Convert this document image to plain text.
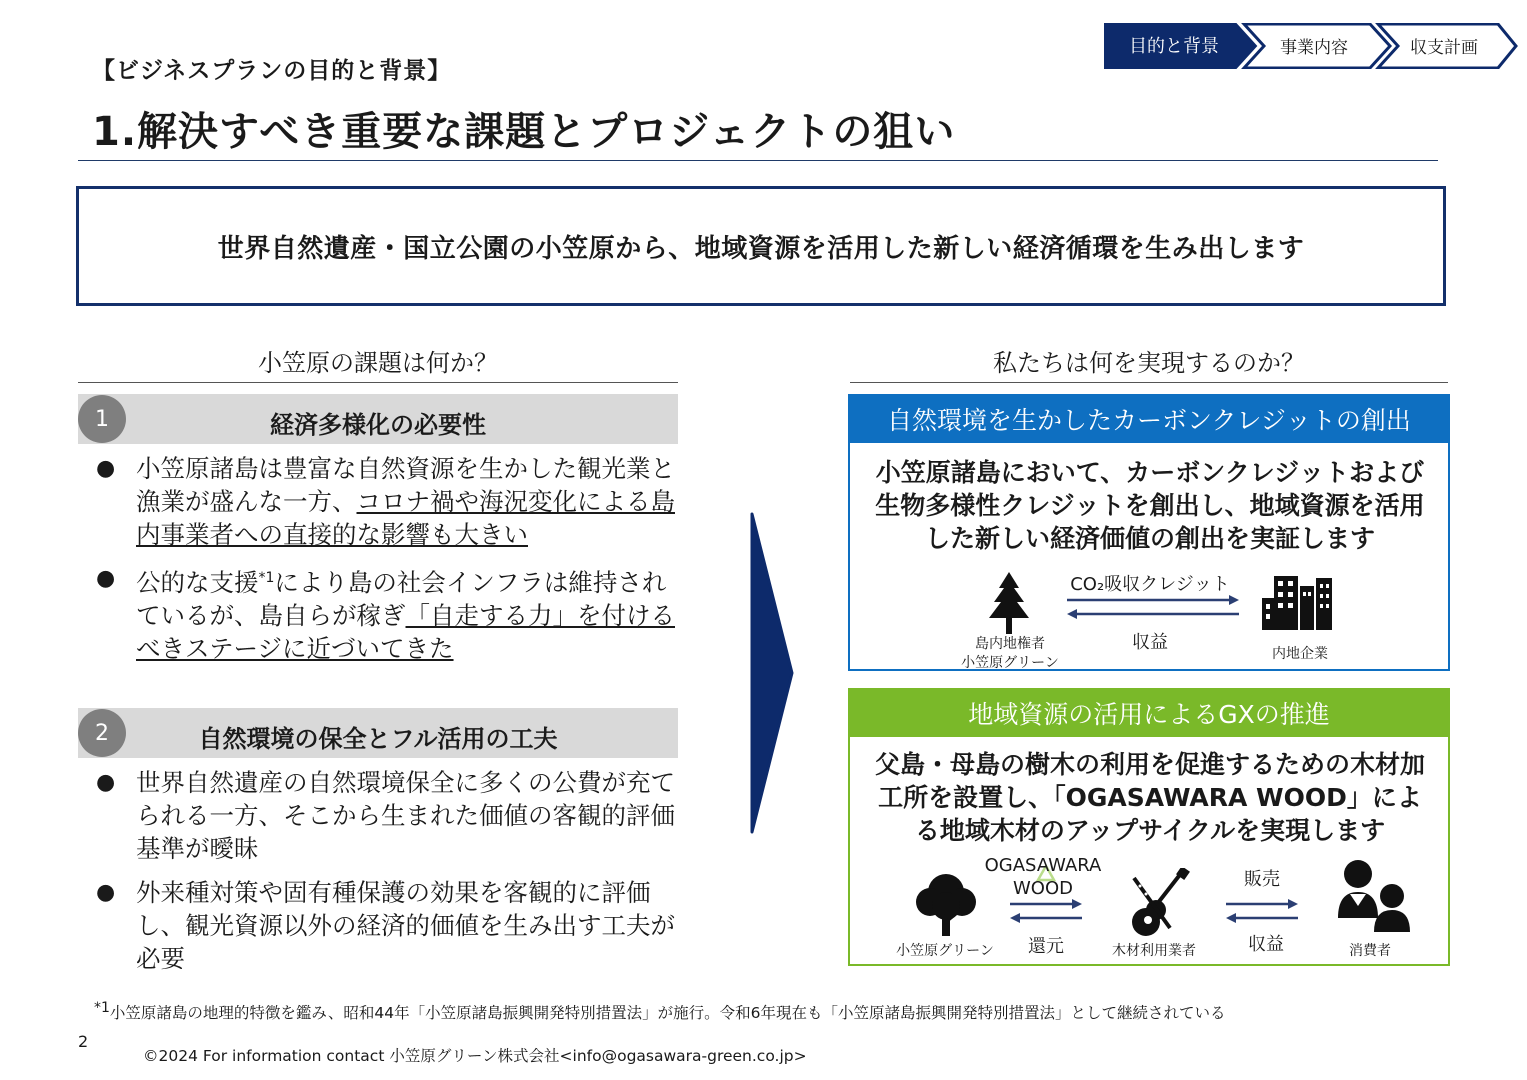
【ビジネスプランの目的と背景】
1.解決すべき重要な課題とプロジェクトの狙い
目的と背景	事業内容	収支計画
世界自然遺産・国立公園の小笠原から、地域資源を活用した新しい経済循環を生み出します
小笠原の課題は何か？
1	経済多様化の必要性
● 小笠原諸島は豊富な自然資源を生かした観光業と漁業が盛んな一方、コロナ禍や海況変化による島内事業者への直接的な影響も大きい
● 公的な支援$^{*1}$により島の社会インフラは維持されているが、島自らが稼ぎ「自走する力」を付けるべきステージに近づいてきた
2	自然環境の保全とフル活用の工夫
● 世界自然遺産の自然環境保全に多くの公費が充てられる一方、そこから生まれた価値の客観的評価基準が曖昧
● 外来種対策や固有種保護の効果を客観的に評価し、観光資源以外の経済的価値を生み出す工夫が必要
私たちは何を実現するのか？
自然環境を生かしたカーボンクレジットの創出
小笠原諸島において、カーボンクレジットおよび生物多様性クレジットを創出し、地域資源を活用した新しい経済価値の創出を実証します
島内地権者
小笠原グリーン
CO₂吸収クレジット
収益
内地企業
地域資源の活用によるGXの推進
父島・母島の樹木の利用を促進するための木材加工所を設置し、「OGASAWARA WOOD」による地域木材のアップサイクルを実現します
小笠原グリーン
OGASAWARA
WOOD
還元	木材利用業者
販売
収益	消費者
$^{*1}$小笠原諸島の地理的特徴を鑑み、昭和44年「小笠原諸島振興開発特別措置法」が施行。令和6年現在も「小笠原諸島振興開発特別措置法」として継続されている
2
©2024 For information contact 小笠原グリーン株式会社<info@ogasawara-green.co.jp>
